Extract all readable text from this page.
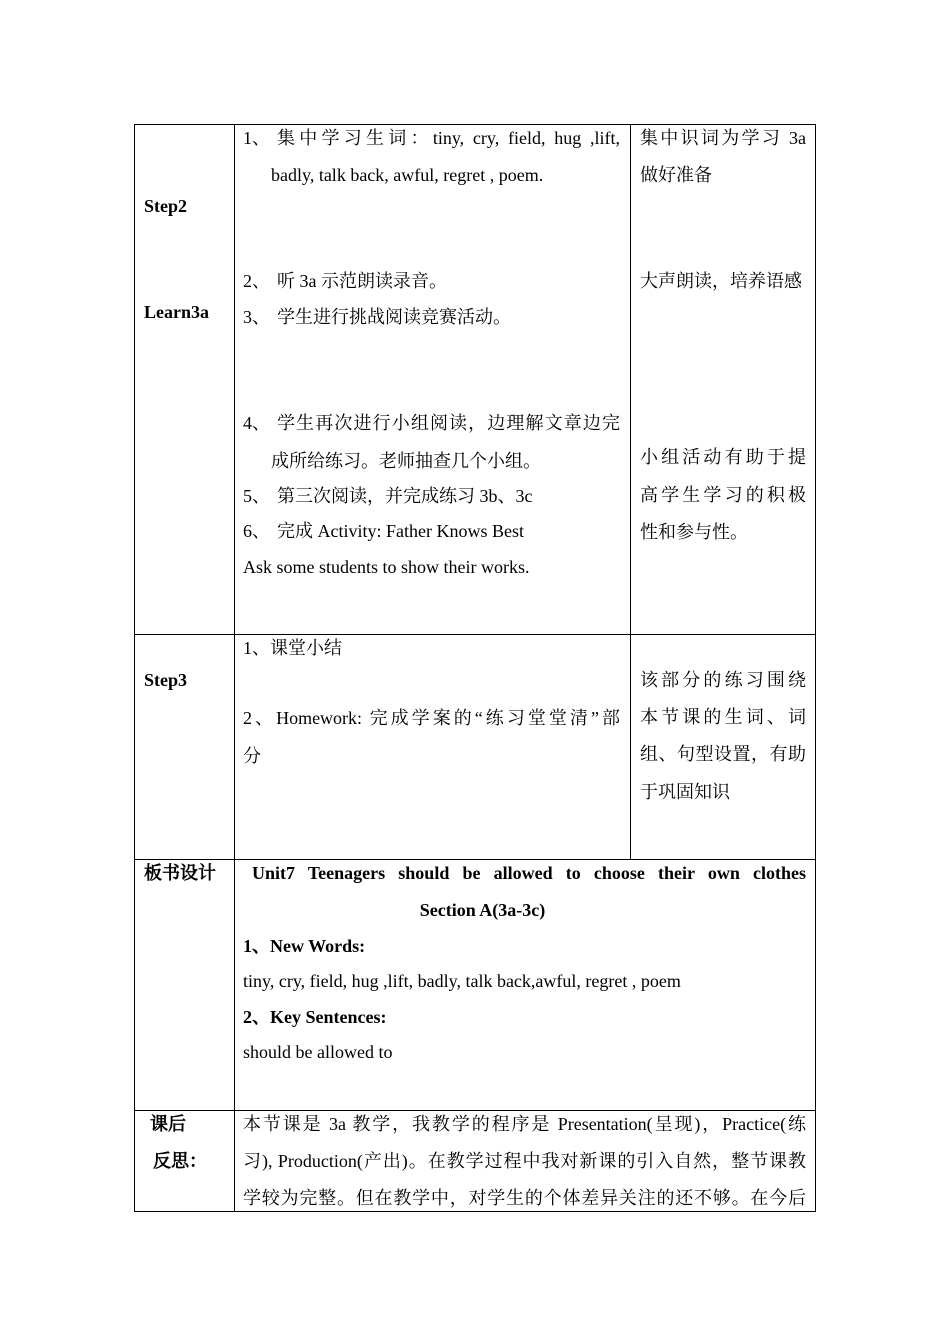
Step2
Learn3a
1、 集中学习生词：tiny, cry, field, hug ,lift,
badly, talk back, awful, regret , poem.
2、 听 3a 示范朗读录音。
3、 学生进行挑战阅读竞赛活动。
4、 学生再次进行小组阅读，边理解文章边完
成所给练习。老师抽查几个小组。
5、 第三次阅读，并完成练习 3b、3c
6、 完成 Activity: Father Knows Best
Ask some students to show their works.
集中识词为学习 3a
做好准备
大声朗读，培养语感
小组活动有助于提
高学生学习的积极
性和参与性。
Step3
1、课堂小结
2、Homework: 完成学案的“练习堂堂清”部
分
该部分的练习围绕
本节课的生词、词
组、句型设置，有助
于巩固知识
板书设计 Unit7 Teenagers should be allowed to choose their own clothes
Section A(3a-3c)
1、New Words:
tiny, cry, field, hug ,lift, badly, talk back,awful, regret , poem
2、Key Sentences:
should be allowed to
课后
反思：
本节课是 3a 教学，我教学的程序是 Presentation(呈现)，Practice(练
习), Production(产出)。在教学过程中我对新课的引入自然，整节课教
学较为完整。但在教学中，对学生的个体差异关注的还不够。在今后
